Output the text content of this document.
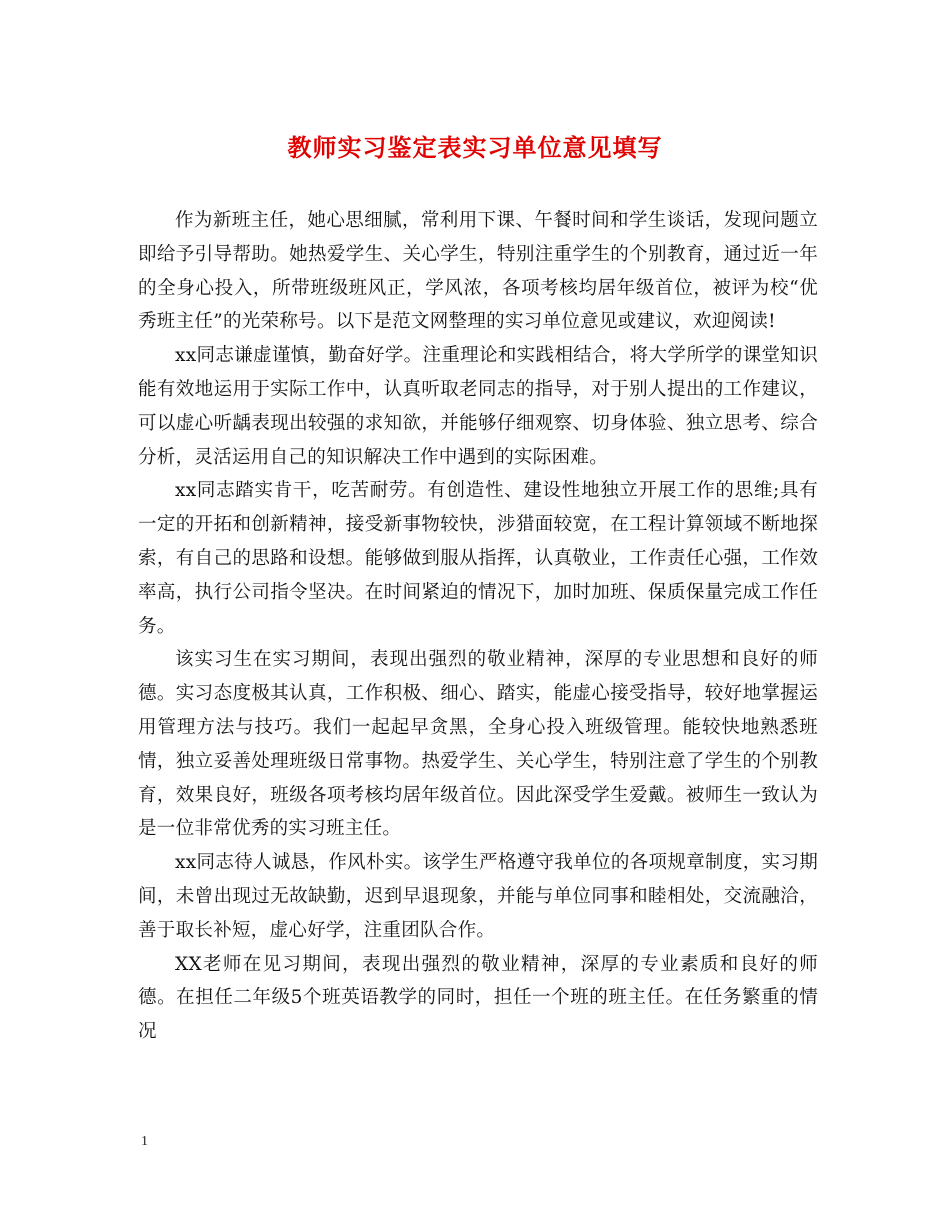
教师实习鉴定表实习单位意见填写

作为新班主任，她心思细腻，常利用下课、午餐时间和学生谈话，发现问题立即给予引导帮助。她热爱学生、关心学生，特别注重学生的个别教育，通过近一年的全身心投入，所带班级班风正，学风浓，各项考核均居年级首位，被评为校“优秀班主任”的光荣称号。以下是范文网整理的实习单位意见或建议，欢迎阅读!

xx同志谦虚谨慎，勤奋好学。注重理论和实践相结合，将大学所学的课堂知识能有效地运用于实际工作中，认真听取老同志的指导，对于别人提出的工作建议，可以虚心听龋表现出较强的求知欲，并能够仔细观察、切身体验、独立思考、综合分析，灵活运用自己的知识解决工作中遇到的实际困难。

xx同志踏实肯干，吃苦耐劳。有创造性、建设性地独立开展工作的思维;具有一定的开拓和创新精神，接受新事物较快，涉猎面较宽，在工程计算领域不断地探索，有自己的思路和设想。能够做到服从指挥，认真敬业，工作责任心强，工作效率高，执行公司指令坚决。在时间紧迫的情况下，加时加班、保质保量完成工作任务。

该实习生在实习期间，表现出强烈的敬业精神，深厚的专业思想和良好的师德。实习态度极其认真，工作积极、细心、踏实，能虚心接受指导，较好地掌握运用管理方法与技巧。我们一起起早贪黑，全身心投入班级管理。能较快地熟悉班情，独立妥善处理班级日常事物。热爱学生、关心学生，特别注意了学生的个别教育，效果良好，班级各项考核均居年级首位。因此深受学生爱戴。被师生一致认为是一位非常优秀的实习班主任。

xx同志待人诚恳，作风朴实。该学生严格遵守我单位的各项规章制度，实习期间，未曾出现过无故缺勤，迟到早退现象，并能与单位同事和睦相处，交流融洽，善于取长补短，虚心好学，注重团队合作。

XX老师在见习期间，表现出强烈的敬业精神，深厚的专业素质和良好的师德。在担任二年级5个班英语教学的同时，担任一个班的班主任。在任务繁重的情况

1
